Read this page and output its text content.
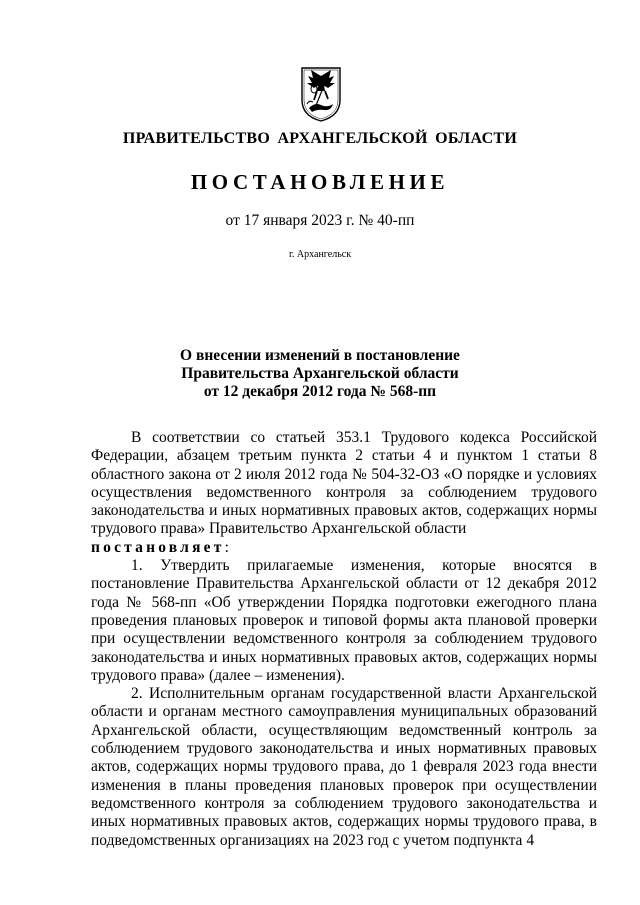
ПРАВИТЕЛЬСТВО АРХАНГЕЛЬСКОЙ ОБЛАСТИ
ПОСТАНОВЛЕНИЕ
от 17 января 2023 г. № 40-пп
г. Архангельск
О внесении изменений в постановление
Правительства Архангельской области
от 12 декабря 2012 года № 568-пп

В соответствии со статьей 353.1 Трудового кодекса Российской Федерации, абзацем третьим пункта 2 статьи 4 и пунктом 1 статьи 8 областного закона от 2 июля 2012 года № 504-32-ОЗ «О порядке и условиях осуществления ведомственного контроля за соблюдением трудового законодательства и иных нормативных правовых актов, содержащих нормы трудового права» Правительство Архангельской области

постановляет:

1. Утвердить прилагаемые изменения, которые вносятся в постановление Правительства Архангельской области от 12 декабря 2012 года № 568-пп «Об утверждении Порядка подготовки ежегодного плана проведения плановых проверок и типовой формы акта плановой проверки при осуществлении ведомственного контроля за соблюдением трудового законодательства и иных нормативных правовых актов, содержащих нормы трудового права» (далее – изменения).

2. Исполнительным органам государственной власти Архангельской области и органам местного самоуправления муниципальных образований Архангельской области, осуществляющим ведомственный контроль за соблюдением трудового законодательства и иных нормативных правовых актов, содержащих нормы трудового права, до 1 февраля 2023 года внести изменения в планы проведения плановых проверок при осуществлении ведомственного контроля за соблюдением трудового законодательства и иных нормативных правовых актов, содержащих нормы трудового права, в подведомственных организациях на 2023 год с учетом подпункта 4
